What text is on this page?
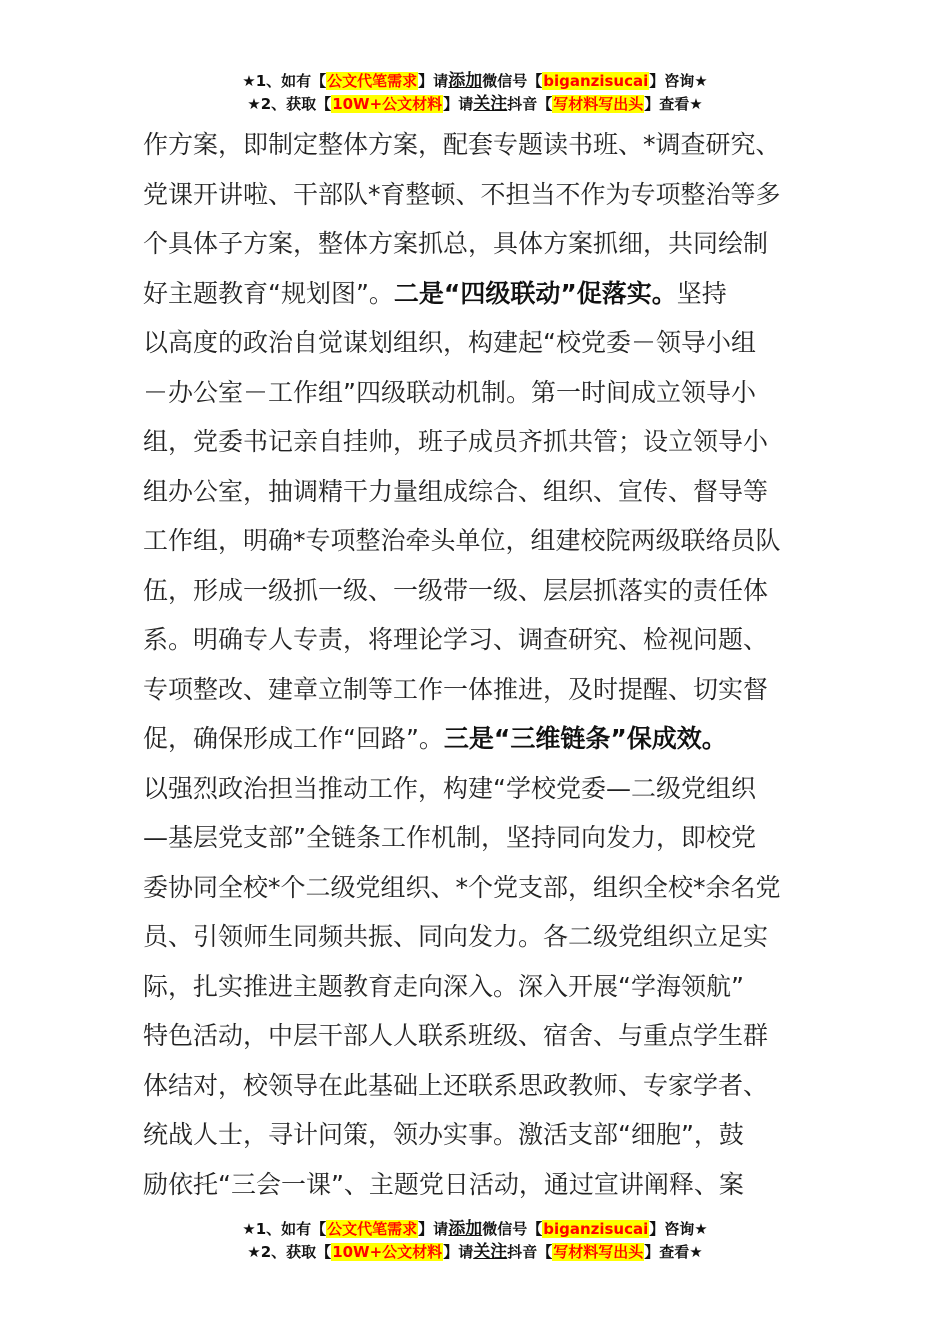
★1、如有【公文代笔需求】请添加微信号【biganzisucai】咨询★
★2、获取【10W+公文材料】请关注抖音【写材料写出头】查看★
作方案，即制定整体方案，配套专题读书班、*调查研究、
党课开讲啦、干部队*育整顿、不担当不作为专项整治等多
个具体子方案，整体方案抓总，具体方案抓细，共同绘制
好主题教育“规划图”。二是“四级联动”促落实。坚持
以高度的政治自觉谋划组织，构建起“校党委－领导小组
－办公室－工作组”四级联动机制。第一时间成立领导小
组，党委书记亲自挂帅，班子成员齐抓共管；设立领导小
组办公室，抽调精干力量组成综合、组织、宣传、督导等
工作组，明确*专项整治牵头单位，组建校院两级联络员队
伍，形成一级抓一级、一级带一级、层层抓落实的责任体
系。明确专人专责，将理论学习、调查研究、检视问题、
专项整改、建章立制等工作一体推进，及时提醒、切实督
促，确保形成工作“回路”。三是“三维链条”保成效。
以强烈政治担当推动工作，构建“学校党委—二级党组织
—基层党支部”全链条工作机制，坚持同向发力，即校党
委协同全校*个二级党组织、*个党支部，组织全校*余名党
员、引领师生同频共振、同向发力。各二级党组织立足实
际，扎实推进主题教育走向深入。深入开展“学海领航”
特色活动，中层干部人人联系班级、宿舍、与重点学生群
体结对，校领导在此基础上还联系思政教师、专家学者、
统战人士，寻计问策，领办实事。激活支部“细胞”，鼓
励依托“三会一课”、主题党日活动，通过宣讲阐释、案
★1、如有【公文代笔需求】请添加微信号【biganzisucai】咨询★
★2、获取【10W+公文材料】请关注抖音【写材料写出头】查看★
